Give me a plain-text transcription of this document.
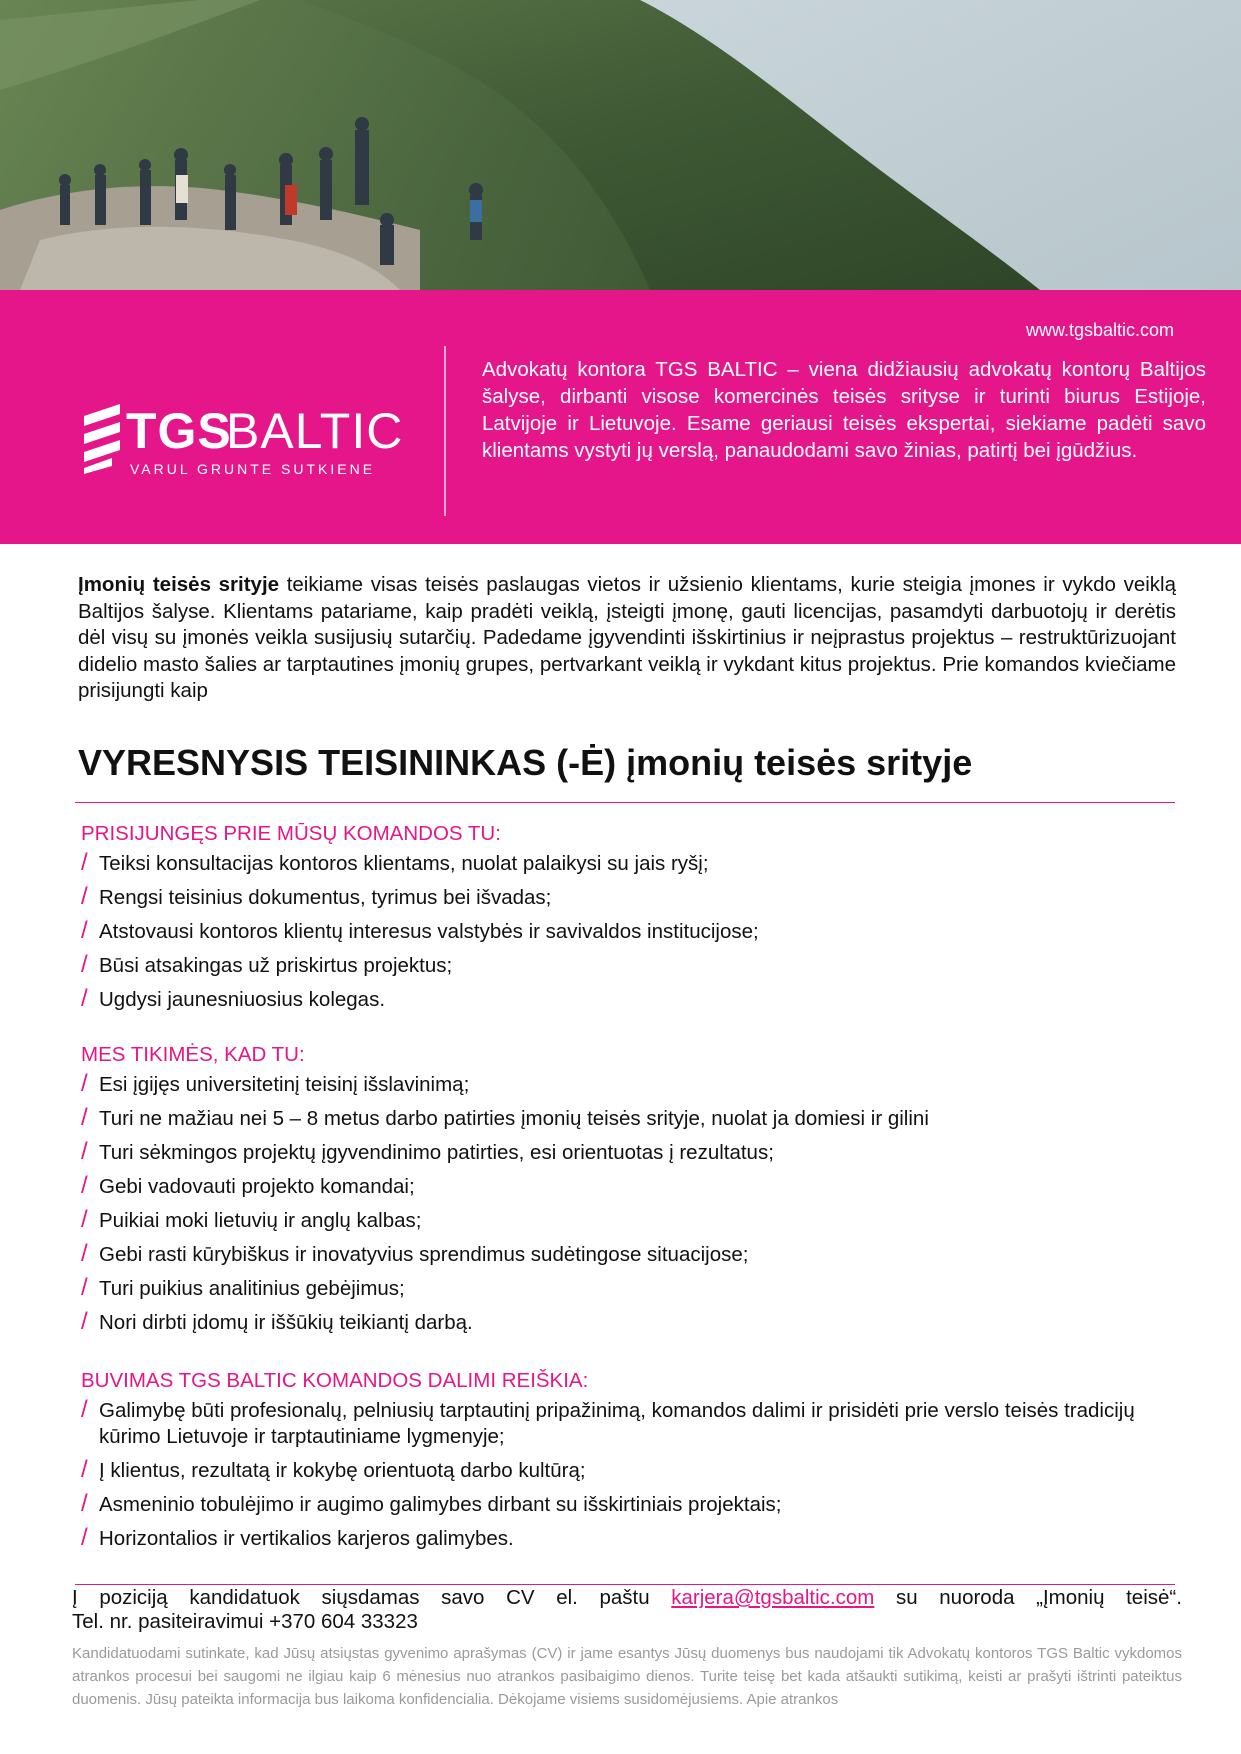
www.tgsbaltic.com
TGS
BALTIC
VARUL GRUNTE SUTKIENE
Advokatų kontora TGS BALTIC – viena didžiausių advokatų kontorų Baltijos šalyse, dirbanti visose komercinės teisės srityse ir turinti biurus Estijoje, Latvijoje ir Lietuvoje. Esame geriausi teisės ekspertai, siekiame padėti savo klientams vystyti jų verslą, panaudodami savo žinias, patirtį bei įgūdžius.
Įmonių teisės srityje teikiame visas teisės paslaugas vietos ir užsienio klientams, kurie steigia įmones ir vykdo veiklą Baltijos šalyse. Klientams patariame, kaip pradėti veiklą, įsteigti įmonę, gauti licencijas, pasamdyti darbuotojų ir derėtis dėl visų su įmonės veikla susijusių sutarčių. Padedame įgyvendinti išskirtinius ir neįprastus projektus – restruktūrizuojant didelio masto šalies ar tarptautines įmonių grupes, pertvarkant veiklą ir vykdant kitus projektus. Prie komandos kviečiame prisijungti kaip
VYRESNYSIS TEISININKAS (-Ė) įmonių teisės srityje
PRISIJUNGĘS PRIE MŪSŲ KOMANDOS TU:
/ Teiksi konsultacijas kontoros klientams, nuolat palaikysi su jais ryšį;
/ Rengsi teisinius dokumentus, tyrimus bei išvadas;
/ Atstovausi kontoros klientų interesus valstybės ir savivaldos institucijose;
/ Būsi atsakingas už priskirtus projektus;
/ Ugdysi jaunesniuosius kolegas.
MES TIKIMĖS, KAD TU:
/ Esi įgijęs universitetinį teisinį išslavinimą;
/ Turi ne mažiau nei 5 – 8 metus darbo patirties įmonių teisės srityje, nuolat ja domiesi ir gilini
/ Turi sėkmingos projektų įgyvendinimo patirties, esi orientuotas į rezultatus;
/ Gebi vadovauti projekto komandai;
/ Puikiai moki lietuvių ir anglų kalbas;
/ Gebi rasti kūrybiškus ir inovatyvius sprendimus sudėtingose situacijose;
/ Turi puikius analitinius gebėjimus;
/ Nori dirbti įdomų ir iššūkių teikiantį darbą.
BUVIMAS TGS BALTIC KOMANDOS DALIMI REIŠKIA:
/ Galimybę būti profesionalų, pelniusių tarptautinį pripažinimą, komandos dalimi ir prisidėti prie verslo teisės tradicijų kūrimo Lietuvoje ir tarptautiniame lygmenyje;
/ Į klientus, rezultatą ir kokybę orientuotą darbo kultūrą;
/ Asmeninio tobulėjimo ir augimo galimybes dirbant su išskirtiniais projektais;
/ Horizontalios ir vertikalios karjeros galimybes.
Į poziciją kandidatuok siųsdamas savo CV el. paštu karjera@tgsbaltic.com su nuoroda „Įmonių teisė“.
Tel. nr. pasiteiravimui +370 604 33323
Kandidatuodami sutinkate, kad Jūsų atsiųstas gyvenimo aprašymas (CV) ir jame esantys Jūsų duomenys bus naudojami tik Advokatų kontoros TGS Baltic vykdomos atrankos procesui bei saugomi ne ilgiau kaip 6 mėnesius nuo atrankos pasibaigimo dienos. Turite teisę bet kada atšaukti sutikimą, keisti ar prašyti ištrinti pateiktus duomenis. Jūsų pateikta informacija bus laikoma konfidencialia. Dėkojame visiems susidomėjusiems. Apie atrankos
